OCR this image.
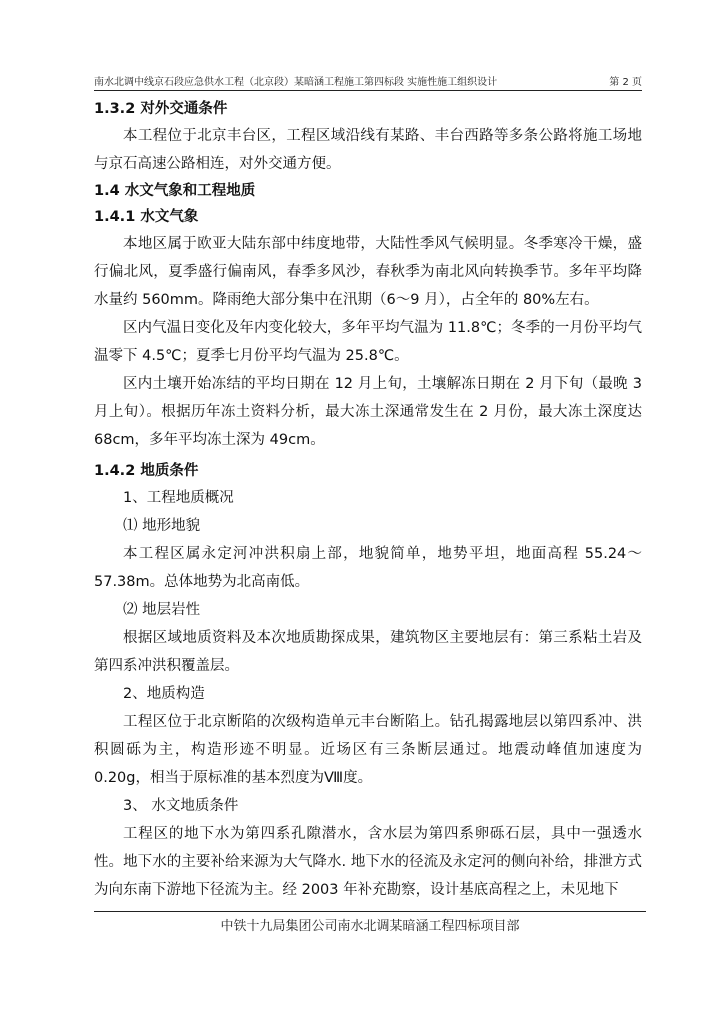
南水北调中线京石段应急供水工程（北京段）某暗涵工程施工第四标段 实施性施工组织设计	第 2 页
1.3.2 对外交通条件

本工程位于北京丰台区，工程区域沿线有某路、丰台西路等多条公路将施工场地与京石高速公路相连，对外交通方便。

1.4 水文气象和工程地质
1.4.1 水文气象

本地区属于欧亚大陆东部中纬度地带，大陆性季风气候明显。冬季寒冷干燥，盛行偏北风，夏季盛行偏南风，春季多风沙，春秋季为南北风向转换季节。多年平均降水量约 560mm。降雨绝大部分集中在汛期（6～9 月），占全年的 80%左右。

区内气温日变化及年内变化较大，多年平均气温为 11.8℃；冬季的一月份平均气温零下 4.5℃；夏季七月份平均气温为 25.8℃。

区内土壤开始冻结的平均日期在 12 月上旬，土壤解冻日期在 2 月下旬（最晚 3 月上旬）。根据历年冻土资料分析，最大冻土深通常发生在 2 月份，最大冻土深度达 68cm，多年平均冻土深为 49cm。

1.4.2 地质条件

1、工程地质概况

⑴ 地形地貌

本工程区属永定河冲洪积扇上部，地貌简单，地势平坦，地面高程 55.24～57.38m。总体地势为北高南低。

⑵ 地层岩性

根据区域地质资料及本次地质勘探成果，建筑物区主要地层有：第三系粘土岩及第四系冲洪积覆盖层。

2、地质构造

工程区位于北京断陷的次级构造单元丰台断陷上。钻孔揭露地层以第四系冲、洪积圆砾为主，构造形迹不明显。近场区有三条断层通过。地震动峰值加速度为 0.20g，相当于原标准的基本烈度为Ⅷ度。

3、 水文地质条件

工程区的地下水为第四系孔隙潜水，含水层为第四系卵砾石层，具中一强透水性。地下水的主要补给来源为大气降水. 地下水的径流及永定河的侧向补给，排泄方式为向东南下游地下径流为主。经 2003 年补充勘察，设计基底高程之上，未见地下

中铁十九局集团公司南水北调某暗涵工程四标项目部
